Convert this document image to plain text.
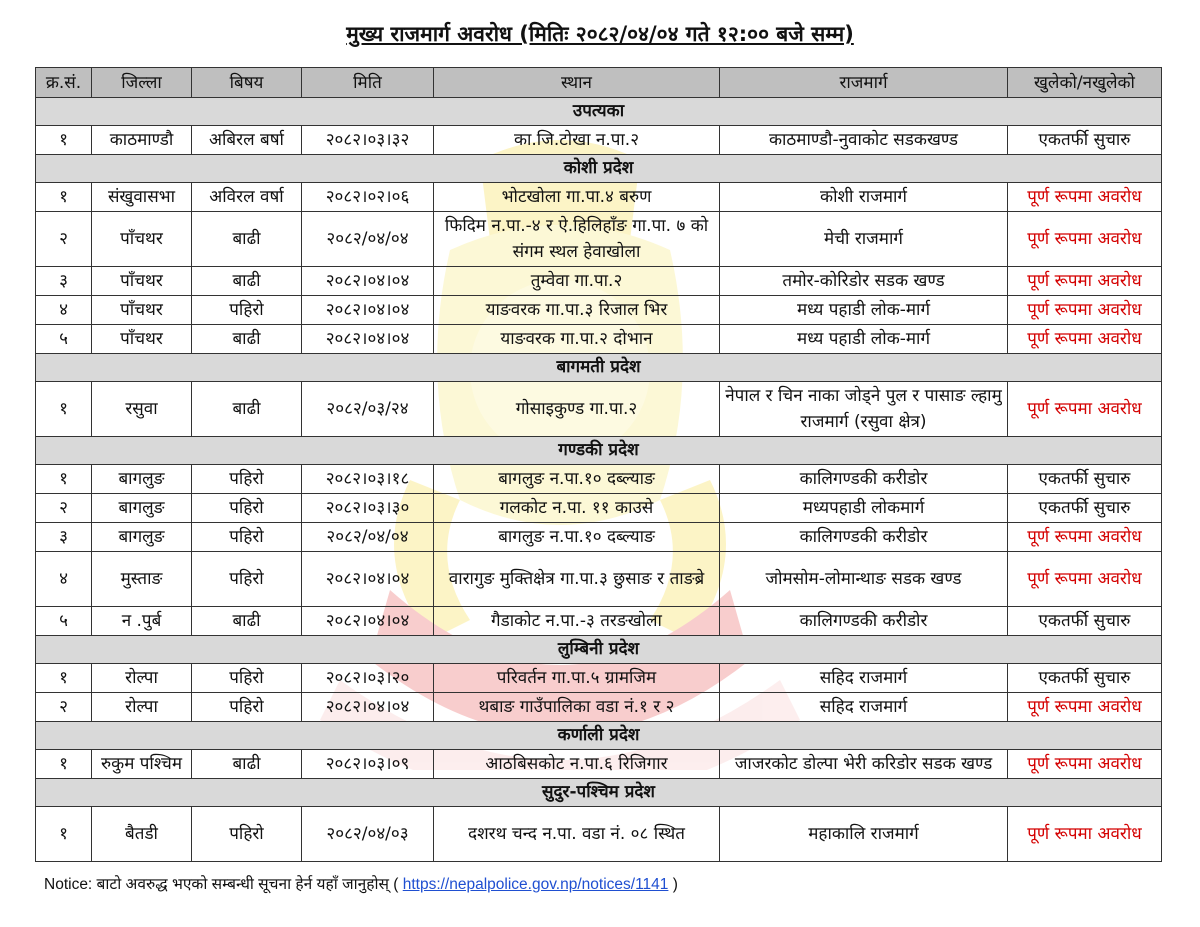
मुख्य राजमार्ग अवरोध (मितिः २०८२/०४/०४ गते १२:०० बजे सम्म)
क्र.सं.	जिल्ला	बिषय	मिति	स्थान	राजमार्ग	खुलेको/नखुलेको
उपत्यका						
१	काठमाण्डौ	अबिरल बर्षा	२०८२।०३।३२	का.जि.टोखा न.पा.२	काठमाण्डौ-नुवाकोट सडकखण्ड	एकतर्फी सुचारु
कोशी प्रदेश						
१	संखुवासभा	अविरल वर्षा	२०८२।०२।०६	भोटखोला गा.पा.४ बरुण	कोशी राजमार्ग	पूर्ण रूपमा अवरोध
२	पाँचथर	बाढी	२०८२/०४/०४	फिदिम न.पा.-४ र ऐ.हिलिहाँङ गा.पा. ७ को संगम स्थल हेवाखोला	मेची राजमार्ग	पूर्ण रूपमा अवरोध
३	पाँचथर	बाढी	२०८२।०४।०४	तुम्वेवा गा.पा.२	तमोर-कोरिडोर सडक खण्ड	पूर्ण रूपमा अवरोध
४	पाँचथर	पहिरो	२०८२।०४।०४	याङवरक गा.पा.३ रिजाल भिर	मध्य पहाडी लोक-मार्ग	पूर्ण रूपमा अवरोध
५	पाँचथर	बाढी	२०८२।०४।०४	याङवरक गा.पा.२ दोभान	मध्य पहाडी लोक-मार्ग	पूर्ण रूपमा अवरोध
बागमती प्रदेश						
१	रसुवा	बाढी	२०८२/०३/२४	गोसाइकुण्ड गा.पा.२	नेपाल र चिन नाका जोड्ने पुल र पासाङ ल्हामु राजमार्ग (रसुवा क्षेत्र)	पूर्ण रूपमा अवरोध
गण्डकी प्रदेश						
१	बागलुङ	पहिरो	२०८२।०३।१८	बागलुङ न.पा.१० दब्ल्याङ	कालिगण्डकी करीडोर	एकतर्फी सुचारु
२	बागलुङ	पहिरो	२०८२।०३।३०	गलकोट न.पा. ११ काउसे	मध्यपहाडी लोकमार्ग	एकतर्फी सुचारु
३	बागलुङ	पहिरो	२०८२/०४/०४	बागलुङ न.पा.१० दब्ल्याङ	कालिगण्डकी करीडोर	पूर्ण रूपमा अवरोध
४	मुस्ताङ	पहिरो	२०८२।०४।०४	वारागुङ मुक्तिक्षेत्र गा.पा.३ छुसाङ र ताङब्रे	जोमसोम-लोमान्थाङ सडक खण्ड	पूर्ण रूपमा अवरोध
५	न .पुर्ब	बाढी	२०८२।०४।०४	गैडाकोट न.पा.-३ तरङखोला	कालिगण्डकी करीडोर	एकतर्फी सुचारु
लुम्बिनी प्रदेश						
१	रोल्पा	पहिरो	२०८२।०३।२०	परिवर्तन गा.पा.५ ग्रामजिम	सहिद राजमार्ग	एकतर्फी सुचारु
२	रोल्पा	पहिरो	२०८२।०४।०४	थबाङ गाउँपालिका वडा नं.१ र २	सहिद राजमार्ग	पूर्ण रूपमा अवरोध
कर्णाली प्रदेश						
१	रुकुम पश्चिम	बाढी	२०८२।०३।०९	आठबिसकोट न.पा.६ रिजिगार	जाजरकोट डोल्पा भेरी करिडोर सडक खण्ड	पूर्ण रूपमा अवरोध
सुदुर-पश्चिम प्रदेश						
१	बैतडी	पहिरो	२०८२/०४/०३	दशरथ चन्द न.पा. वडा नं. ०८ स्थित	महाकालि राजमार्ग	पूर्ण रूपमा अवरोध
Notice: बाटो अवरुद्ध भएको सम्बन्धी सूचना हेर्न यहाँ जानुहोस् ( https://nepalpolice.gov.np/notices/1141 )
